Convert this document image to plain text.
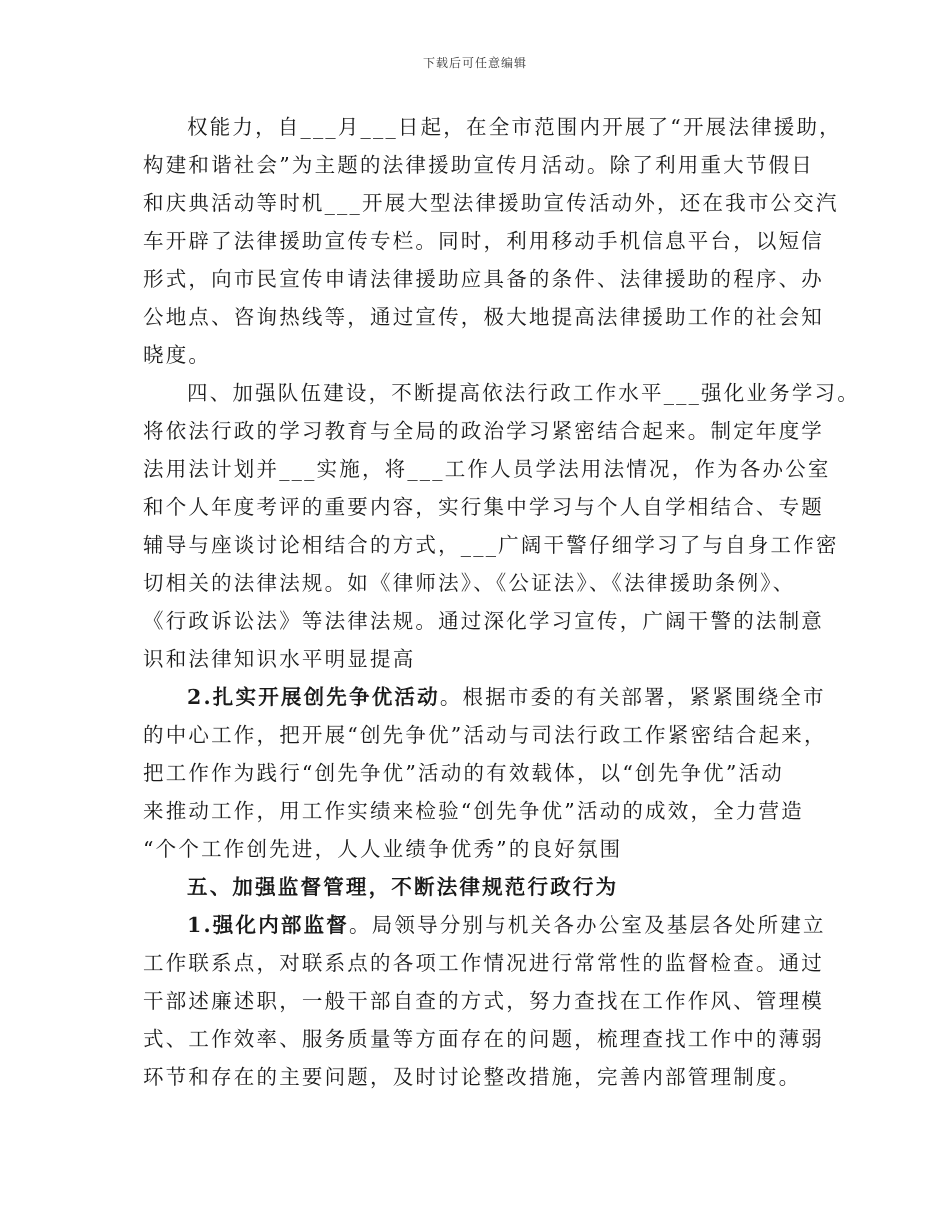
下载后可任意编辑
权能力，自___月___日起，在全市范围内开展了“开展法律援助，
构建和谐社会”为主题的法律援助宣传月活动。除了利用重大节假日
和庆典活动等时机___开展大型法律援助宣传活动外，还在我市公交汽
车开辟了法律援助宣传专栏。同时，利用移动手机信息平台，以短信
形式，向市民宣传申请法律援助应具备的条件、法律援助的程序、办
公地点、咨询热线等，通过宣传，极大地提高法律援助工作的社会知
晓度。
四、加强队伍建设，不断提高依法行政工作水平___强化业务学习。
将依法行政的学习教育与全局的政治学习紧密结合起来。制定年度学
法用法计划并___实施，将___工作人员学法用法情况，作为各办公室
和个人年度考评的重要内容，实行集中学习与个人自学相结合、专题
辅导与座谈讨论相结合的方式，___广阔干警仔细学习了与自身工作密
切相关的法律法规。如《律师法》、《公证法》、《法律援助条例》、
《行政诉讼法》等法律法规。通过深化学习宣传，广阔干警的法制意
识和法律知识水平明显提高
2.扎实开展创先争优活动。根据市委的有关部署，紧紧围绕全市
的中心工作，把开展“创先争优”活动与司法行政工作紧密结合起来，
把工作作为践行“创先争优”活动的有效载体，以“创先争优”活动
来推动工作，用工作实绩来检验“创先争优”活动的成效，全力营造
“个个工作创先进，人人业绩争优秀”的良好氛围
五、加强监督管理，不断法律规范行政行为
1.强化内部监督。局领导分别与机关各办公室及基层各处所建立
工作联系点，对联系点的各项工作情况进行常常性的监督检查。通过
干部述廉述职，一般干部自查的方式，努力查找在工作作风、管理模
式、工作效率、服务质量等方面存在的问题，梳理查找工作中的薄弱
环节和存在的主要问题，及时讨论整改措施，完善内部管理制度。
